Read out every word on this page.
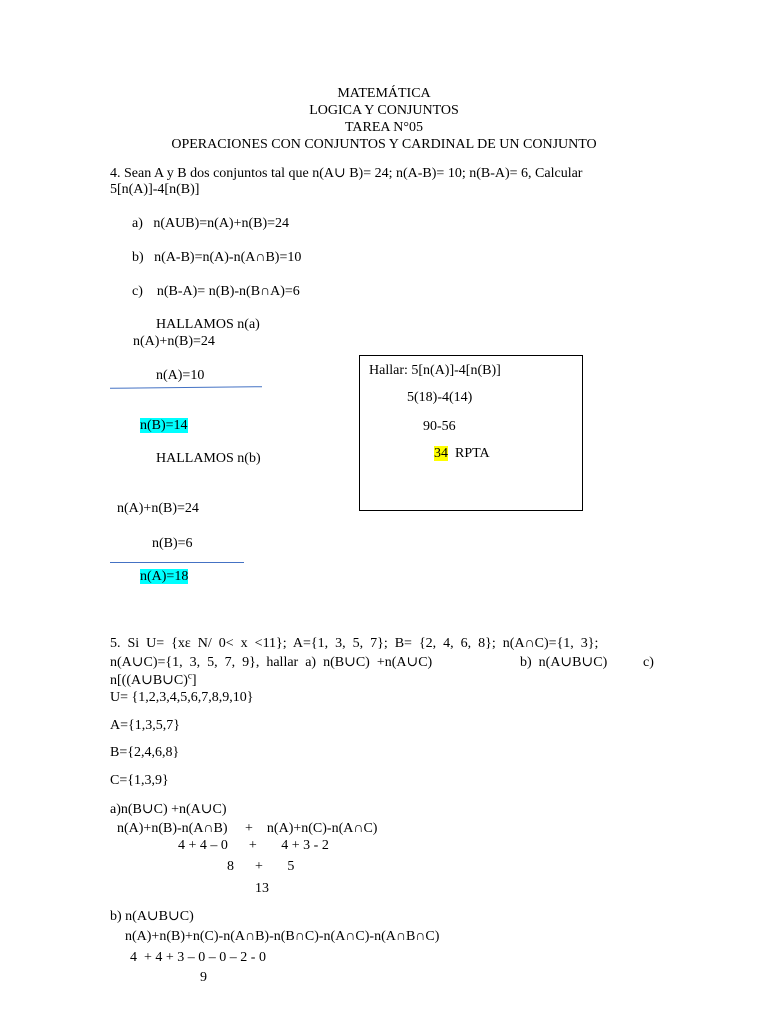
MATEMÁTICA
LOGICA Y CONJUNTOS
TAREA N°05
OPERACIONES CON CONJUNTOS Y CARDINAL DE UN CONJUNTO
4. Sean A y B dos conjuntos tal que n(A∪ B)= 24; n(A-B)= 10; n(B-A)= 6, Calcular
5[n(A)]-4[n(B)]
a)   n(AUB)=n(A)+n(B)=24
b)   n(A-B)=n(A)-n(A∩B)=10
c)    n(B-A)= n(B)-n(B∩A)=6
HALLAMOS n(a)
n(A)+n(B)=24
n(A)=10
n(B)=14
HALLAMOS n(b)
n(A)+n(B)=24
n(B)=6
n(A)=18
Hallar: 5[n(A)]-4[n(B)]
5(18)-4(14)
90-56
34  RPTA
5.  Si  U=  {xε  N/  0<  x  <11};  A={1,  3,  5,  7};  B=  {2,  4,  6,  8};  n(A∩C)={1,  3};
n(A∪C)={1,  3,  5,  7,  9},  hallar  a)  n(B∪C)  +n(A∪C)	b)  n(A∪B∪C)	c)
n[((A∪B∪C)$^c$]
U= {1,2,3,4,5,6,7,8,9,10}
A={1,3,5,7}
B={2,4,6,8}
C={1,3,9}
a)n(B∪C) +n(A∪C)
n(A)+n(B)-n(A∩B)     +    n(A)+n(C)-n(A∩C)
4 + 4 – 0      +       4 + 3 - 2
8      +       5
13
b) n(A∪B∪C)
n(A)+n(B)+n(C)-n(A∩B)-n(B∩C)-n(A∩C)-n(A∩B∩C)
4  + 4 + 3 – 0 – 0 – 2 - 0
9
